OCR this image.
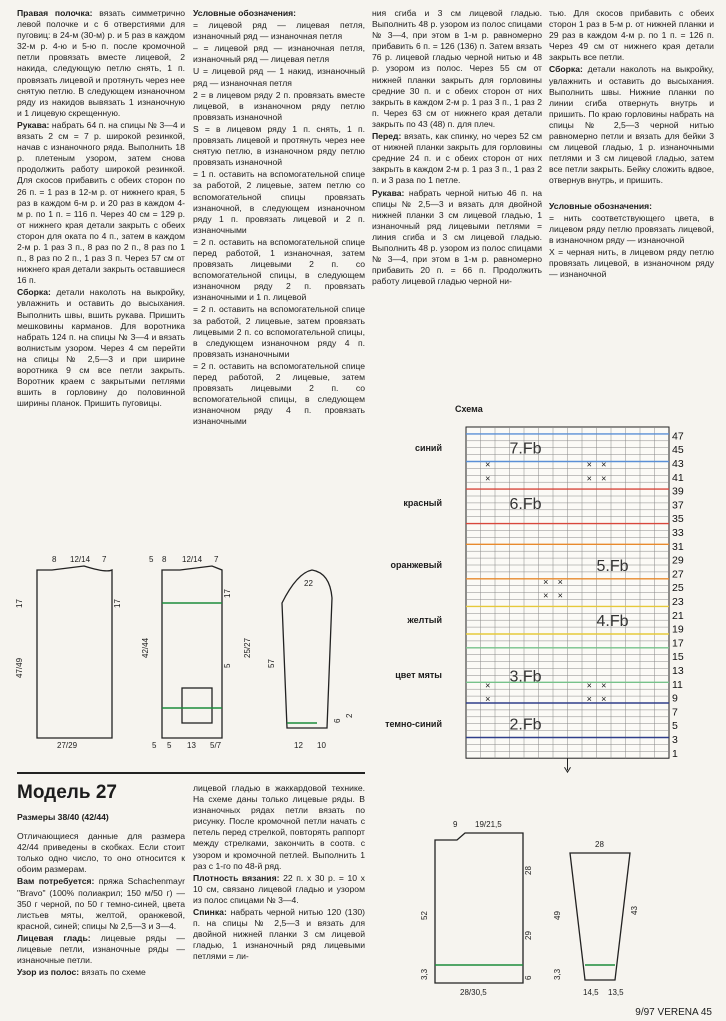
Правая полочка: вязать симметрично левой полочке и с 6 отверстиями для пуговиц: в 24-м (30-м) р. и 5 раз в каждом 32-м р. 4-ю и 5-ю п. после кромочной петли провязать вместе лицевой, 2 накида, следующую петлю снять, 1 п. провязать лицевой и протянуть через нее снятую петлю. В следующем изнаночном ряду из накидов вывязать 1 изнаночную и 1 лицевую скрещенную.

Рукава: набрать 64 п. на спицы № 3—4 и вязать 2 см = 7 р. широкой резинкой, начав с изнаночного ряда. Выполнить 18 р. плетеным узором, затем снова продолжить работу широкой резинкой. Для скосов прибавить с обеих сторон по 26 п. = 1 раз в 12-м р. от нижнего края, 5 раз в каждом 6-м р. и 20 раз в каждом 4-м р. по 1 п. = 116 п. Через 40 см = 129 р. от нижнего края детали закрыть с обеих сторон для оката по 4 п., затем в каждом 2-м р. 1 раз 3 п., 8 раз по 2 п., 8 раз по 1 п., 8 раз по 2 п., 1 раз 3 п. Через 57 см от нижнего края детали закрыть оставшиеся 16 п.

Сборка: детали наколоть на выкройку, увлажнить и оставить до высыхания. Выполнить швы, вшить рукава. Пришить мешковины карманов. Для воротника набрать 124 п. на спицы № 3—4 и вязать волнистым узором. Через 4 см перейти на спицы № 2,5—3 и при ширине воротника 9 см все петли закрыть. Воротник краем с закрытыми петлями вшить в горловину до половинной ширины планок. Пришить пуговицы.

Условные обозначения:

= лицевой ряд — лицевая петля, изнаночный ряд — изнаночная петля

– = лицевой ряд — изнаночная петля, изнаночный ряд — лицевая петля

U = лицевой ряд — 1 накид, изнаночный ряд — изнаночная петля

2 = в лицевом ряду 2 п. провязать вместе лицевой, в изнаночном ряду петлю провязать изнаночной

S = в лицевом ряду 1 п. снять, 1 п. провязать лицевой и протянуть через нее снятую петлю, в изнаночном ряду петлю провязать изнаночной

= 1 п. оставить на вспомогательной спице за работой, 2 лицевые, затем петлю со вспомогательной спицы провязать изнаночной, в следующем изнаночном ряду 1 п. провязать лицевой и 2 п. изнаночными

= 2 п. оставить на вспомогательной спице перед работой, 1 изнаночная, затем провязать лицевыми 2 п. со вспомогательной спицы, в следующем изнаночном ряду 2 п. провязать изнаночными и 1 п. лицевой

= 2 п. оставить на вспомогательной спице за работой, 2 лицевые, затем провязать лицевыми 2 п. со вспомогательной спицы, в следующем изнаночном ряду 4 п. провязать изнаночными

= 2 п. оставить на вспомогательной спице перед работой, 2 лицевые, затем провязать лицевыми 2 п. со вспомогательной спицы, в следующем изнаночном ряду 4 п. провязать изнаночными

ния сгиба и 3 см лицевой гладью. Выполнить 48 р. узором из полос спицами № 3—4, при этом в 1-м р. равномерно прибавить 6 п. = 126 (136) п. Затем вязать 76 р. лицевой гладью черной нитью и 48 р. узором из полос. Через 55 см от нижней планки закрыть для горловины средние 30 п. и с обеих сторон от них закрыть в каждом 2-м р. 1 раз 3 п., 1 раз 2 п. Через 63 см от нижнего края детали закрыть по 43 (48) п. для плеч.

Перед: вязать, как спинку, но через 52 см от нижней планки закрыть для горловины средние 24 п. и с обеих сторон от них закрыть в каждом 2-м р. 1 раз 3 п., 1 раз 2 п. и 3 раза по 1 петле.

Рукава: набрать черной нитью 46 п. на спицы № 2,5—3 и вязать для двойной нижней планки 3 см лицевой гладью, 1 изнаночный ряд лицевыми петлями = линия сгиба и 3 см лицевой гладью. Выполнить 48 р. узором из полос спицами № 3—4, при этом в 1-м р. равномерно прибавить 20 п. = 66 п. Продолжить работу лицевой гладью черной ни-

тью. Для скосов прибавить с обеих сторон 1 раз в 5-м р. от нижней планки и 29 раз в каждом 4-м р. по 1 п. = 126 п. Через 49 см от нижнего края детали закрыть все петли.

Сборка: детали наколоть на выкройку, увлажнить и оставить до высыхания. Выполнить швы. Нижние планки по линии сгиба отвернуть внутрь и пришить. По краю горловины набрать на спицы № 2,5—3 черной нитью равномерно петли и вязать для бейки 3 см лицевой гладью, 1 р. изнаночными петлями и 3 см лицевой гладью, затем все петли закрыть. Бейку сложить вдвое, отвернув внутрь, и пришить.

Условные обозначения:

= нить соответствующего цвета, в лицевом ряду петлю провязать лицевой, в изнаночном ряду — изнаночной

X = черная нить, в лицевом ряду петлю провязать лицевой, в изнаночном ряду — изнаночной

8 12/14 7
17
47/49
17
27/29
5 8 12/14 7
42/44
5
17
5 5 13 5/7
22
25/27
57
12 10
6
2
Схема
синий
красный
оранжевый
желтый
цвет мяты
темно-синий
×	× ×
×	× ×
× ×
× ×
×	× ×
×	× ×
7.Fb
6.Fb
5.Fb
4.Fb
3.Fb
2.Fb
47
45
43
41
39
37
35
33
31
29
27
25
23
21
19
17
15
13
11
9
7
5
3
1
Модель 27

Размеры 38/40 (42/44)

Отличающиеся данные для размера 42/44 приведены в скобках. Если стоит только одно число, то оно относится к обоим размерам.

Вам потребуется: пряжа Schachenmayr "Bravo" (100% полиакрил; 150 м/50 г) — 350 г черной, по 50 г темно-синей, цвета листьев мяты, желтой, оранжевой, красной, синей; спицы № 2,5—3 и 3—4.

Лицевая гладь: лицевые ряды — лицевые петли, изнаночные ряды — изнаночные петли.

Узор из полос: вязать по схеме

лицевой гладью в жаккардовой технике. На схеме даны только лицевые ряды. В изнаночных рядах петли вязать по рисунку. После кромочной петли начать с петель перед стрелкой, повторять раппорт между стрелками, закончить в соотв. с узором и кромочной петлей. Выполнить 1 раз с 1-го по 48-й ряд.

Плотность вязания: 22 п. x 30 р. = 10 x 10 см, связано лицевой гладью и узором из полос спицами № 3—4.

Спинка: набрать черной нитью 120 (130) п. на спицы № 2,5—3 и вязать для двойной нижней планки 3 см лицевой гладью, 1 изнаночный ряд лицевыми петлями = ли-

9 19/21,5
52
28
29
28/30,5
3,3	6
28
49
43
14,5 13,5
3,3
9/97 VERENA 45
